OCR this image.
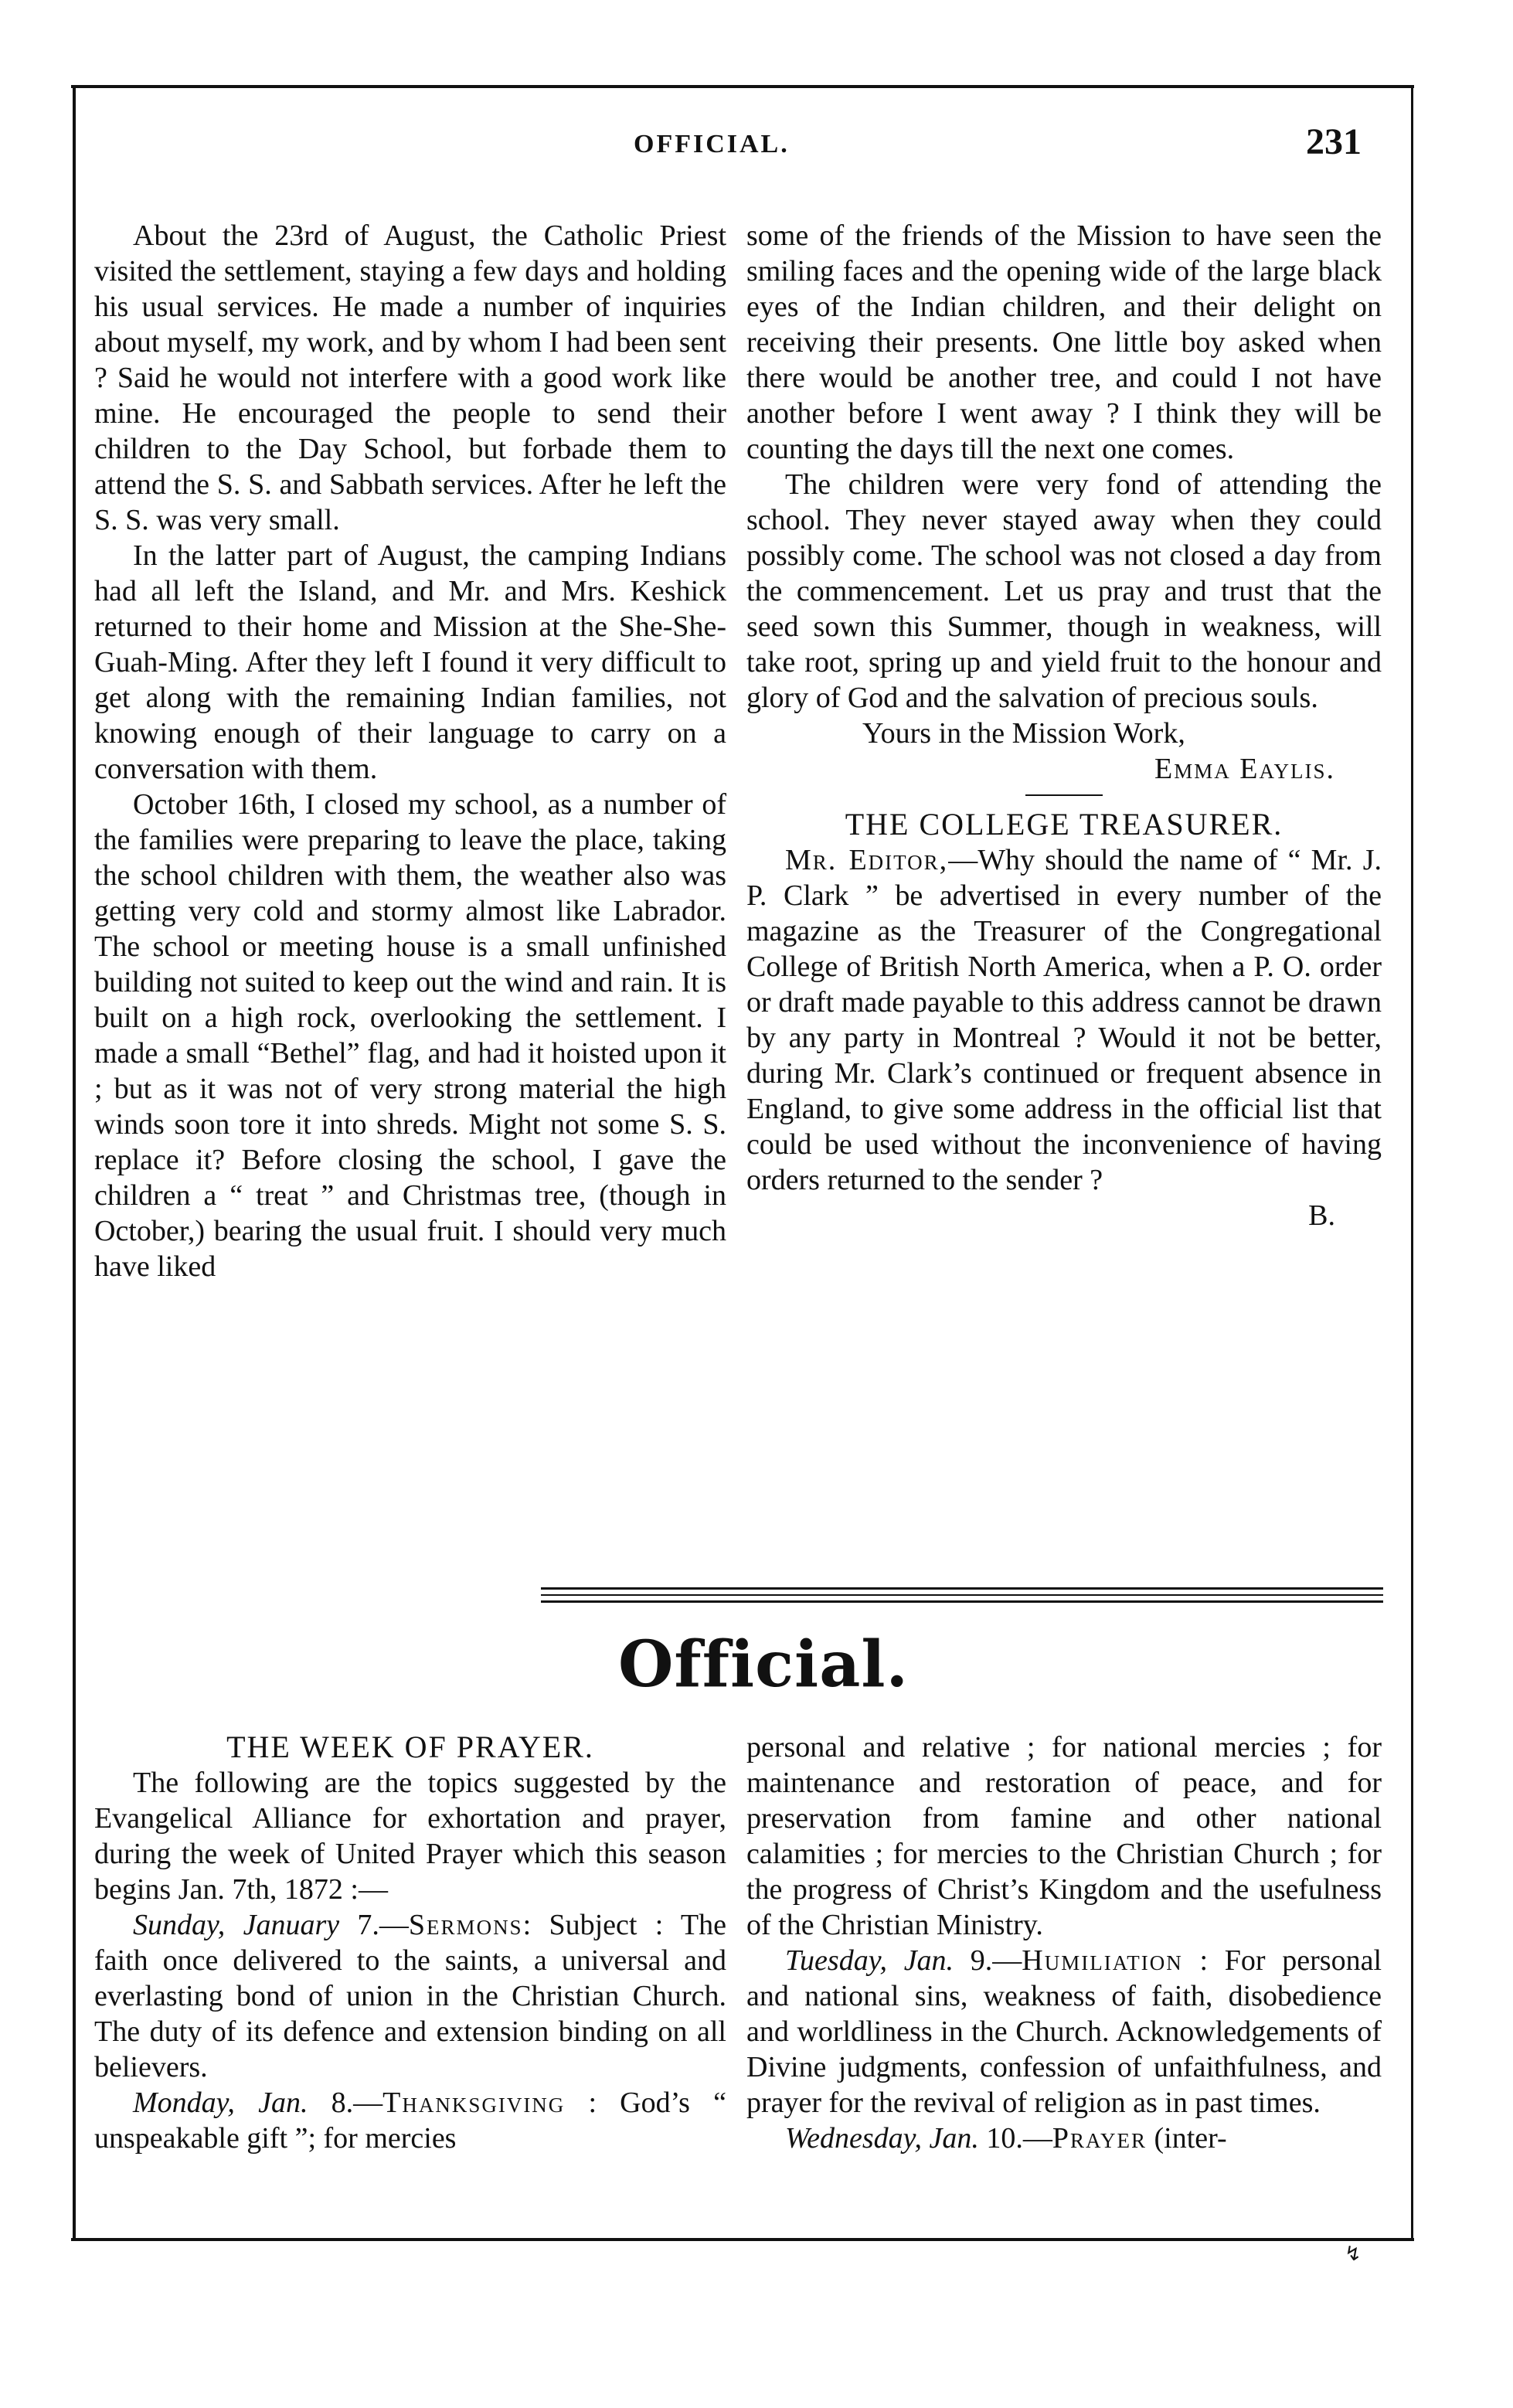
OFFICIAL.	231

About the 23rd of August, the Catholic Priest visited the settlement, staying a few days and holding his usual services. He made a number of inquiries about myself, my work, and by whom I had been sent ? Said he would not interfere with a good work like mine. He encouraged the people to send their children to the Day School, but forbade them to attend the S. S. and Sabbath services. After he left the S. S. was very small.

In the latter part of August, the camping Indians had all left the Island, and Mr. and Mrs. Keshick returned to their home and Mission at the She-She-Guah-Ming. After they left I found it very difficult to get along with the remaining Indian families, not knowing enough of their language to carry on a conversation with them.

October 16th, I closed my school, as a number of the families were preparing to leave the place, taking the school children with them, the weather also was getting very cold and stormy almost like Labrador. The school or meeting house is a small unfinished building not suited to keep out the wind and rain. It is built on a high rock, overlooking the settlement. I made a small “Bethel” flag, and had it hoisted upon it ; but as it was not of very strong material the high winds soon tore it into shreds. Might not some S. S. replace it? Before closing the school, I gave the children a “ treat ” and Christmas tree, (though in October,) bearing the usual fruit. I should very much have liked

some of the friends of the Mission to have seen the smiling faces and the opening wide of the large black eyes of the Indian children, and their delight on receiving their presents. One little boy asked when there would be another tree, and could I not have another before I went away ? I think they will be counting the days till the next one comes.

The children were very fond of attending the school. They never stayed away when they could possibly come. The school was not closed a day from the commencement. Let us pray and trust that the seed sown this Summer, though in weakness, will take root, spring up and yield fruit to the honour and glory of God and the salvation of precious souls.

Yours in the Mission Work,

Emma Eaylis.

THE COLLEGE TREASURER.

Mr. Editor,—Why should the name of “ Mr. J. P. Clark ” be advertised in every number of the magazine as the Treasurer of the Congregational College of British North America, when a P. O. order or draft made payable to this address cannot be drawn by any party in Montreal ? Would it not be better, during Mr. Clark’s continued or frequent absence in England, to give some address in the official list that could be used without the inconvenience of having orders returned to the sender ?

B.

Official.

THE WEEK OF PRAYER.

The following are the topics suggested by the Evangelical Alliance for exhortation and prayer, during the week of United Prayer which this season begins Jan. 7th, 1872 :—

Sunday, January 7.—Sermons: Subject : The faith once delivered to the saints, a universal and everlasting bond of union in the Christian Church. The duty of its defence and extension binding on all believers.

Monday, Jan. 8.—Thanksgiving : God’s “ unspeakable gift ”; for mercies

personal and relative ; for national mercies ; for maintenance and restoration of peace, and for preservation from famine and other national calamities ; for mercies to the Christian Church ; for the progress of Christ’s Kingdom and the usefulness of the Christian Ministry.

Tuesday, Jan. 9.—Humiliation : For personal and national sins, weakness of faith, disobedience and worldliness in the Church. Acknowledgements of Divine judgments, confession of unfaithfulness, and prayer for the revival of religion as in past times.

Wednesday, Jan. 10.—Prayer (inter-

↯
